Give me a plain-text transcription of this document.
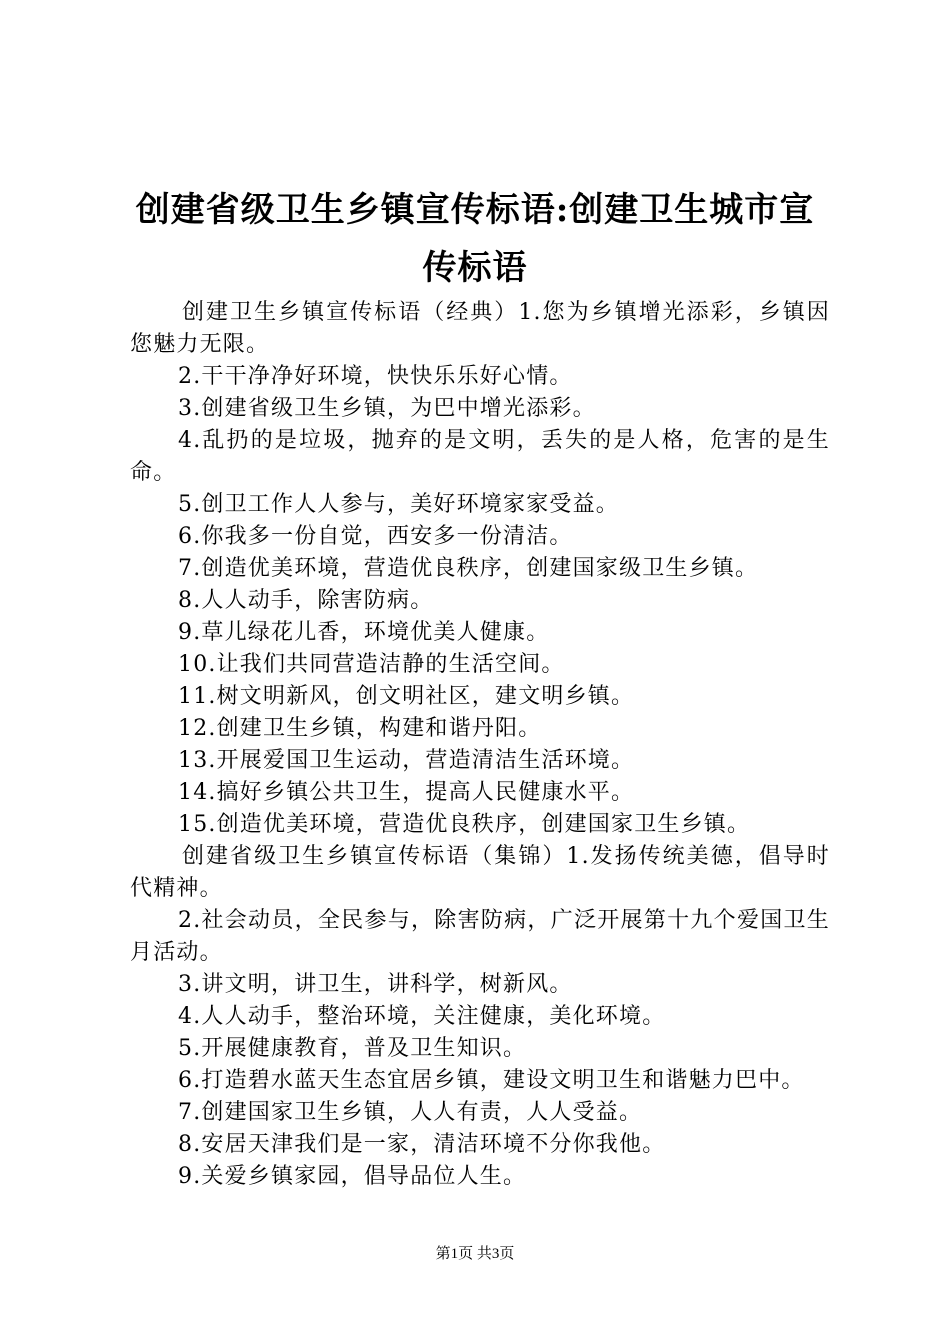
创建省级卫生乡镇宣传标语:创建卫生城市宣
传标语

创建卫生乡镇宣传标语（经典）1.您为乡镇增光添彩，乡镇因您魅力无限。

2.干干净净好环境，快快乐乐好心情。

3.创建省级卫生乡镇，为巴中增光添彩。

4.乱扔的是垃圾，抛弃的是文明，丢失的是人格，危害的是生命。

5.创卫工作人人参与，美好环境家家受益。

6.你我多一份自觉，西安多一份清洁。

7.创造优美环境，营造优良秩序，创建国家级卫生乡镇。

8.人人动手，除害防病。

9.草儿绿花儿香，环境优美人健康。

10.让我们共同营造洁静的生活空间。

11.树文明新风，创文明社区，建文明乡镇。

12.创建卫生乡镇，构建和谐丹阳。

13.开展爱国卫生运动，营造清洁生活环境。

14.搞好乡镇公共卫生，提高人民健康水平。

15.创造优美环境，营造优良秩序，创建国家卫生乡镇。

创建省级卫生乡镇宣传标语（集锦）1.发扬传统美德，倡导时代精神。

2.社会动员，全民参与，除害防病，广泛开展第十九个爱国卫生月活动。

3.讲文明，讲卫生，讲科学，树新风。

4.人人动手，整治环境，关注健康，美化环境。

5.开展健康教育，普及卫生知识。

6.打造碧水蓝天生态宜居乡镇，建设文明卫生和谐魅力巴中。

7.创建国家卫生乡镇，人人有责，人人受益。

8.安居天津我们是一家，清洁环境不分你我他。

9.关爱乡镇家园，倡导品位人生。

第1页 共3页
